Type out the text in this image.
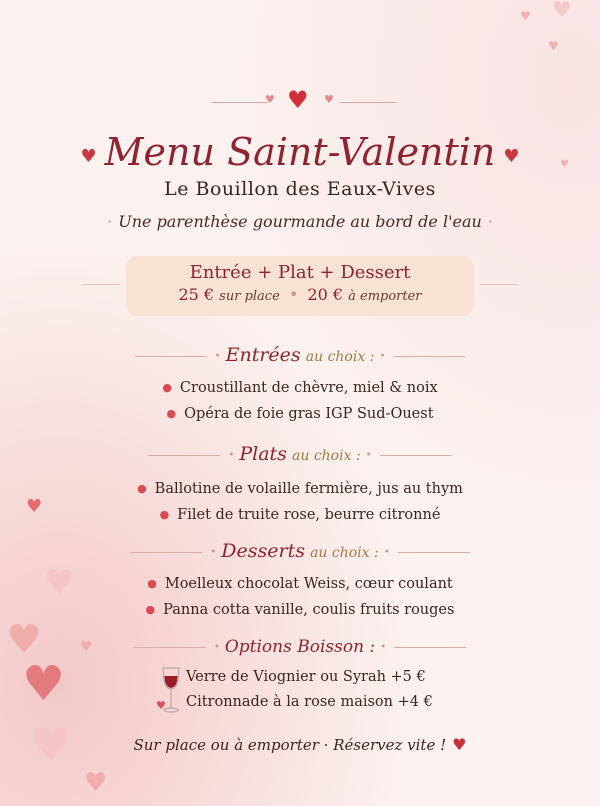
♥ ♥
♥
♥
♥
♥
♥
♥
♥
♥
♥
♥ ♥ ♥
♥ Menu Saint-Valentin ♥
Le Bouillon des Eaux-Vives
· Une parenthèse gourmande au bord de l'eau ·
Entrée + Plat + Dessert
25 € sur place • 20 € à emporter
• Entrées au choix : •
● Croustillant de chèvre, miel & noix
● Opéra de foie gras IGP Sud-Ouest
• Plats au choix : •
● Ballotine de volaille fermière, jus au thym
● Filet de truite rose, beurre citronné
• Desserts au choix : •
● Moelleux chocolat Weiss, cœur coulant
● Panna cotta vanille, coulis fruits rouges
• Options Boisson : •
♥
Verre de Viognier ou Syrah +5 €
Citronnade à la rose maison +4 €
Sur place ou à emporter · Réservez vite ! ♥
